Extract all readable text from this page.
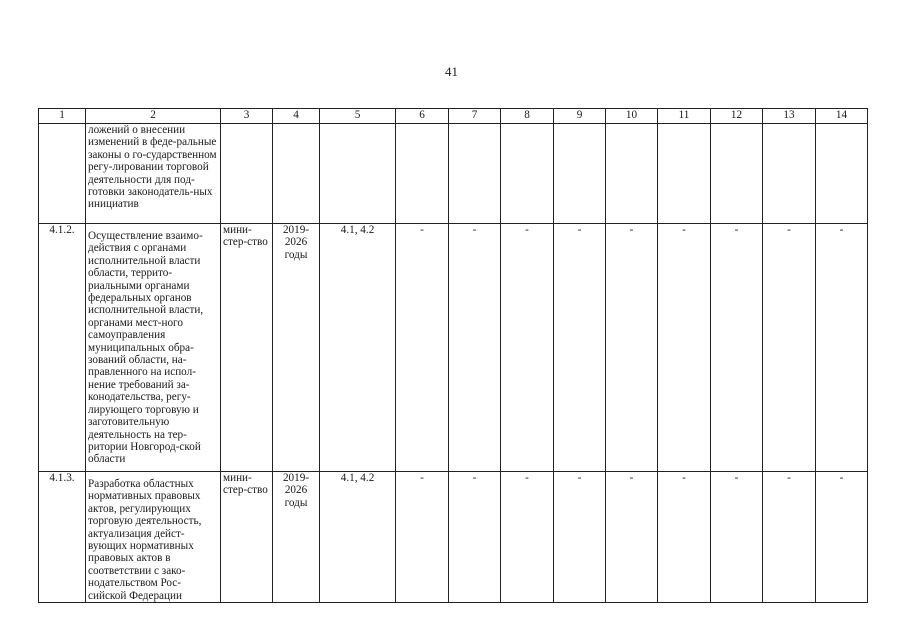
41
1	2	3	4	5	6	7	8	9	10	11	12	13	14
	ложений о внесении изменений в феде-ральные законы о го-сударственном регу-лировании торговой деятельности для под-готовки законодатель-ных инициатив												
4.1.2.	Осуществление взаимо-действия с органами исполнительной власти области, террито-риальными органами федеральных органов исполнительной власти, органами мест-ного самоуправления муниципальных обра-зований области, на-правленного на испол-нение требований за-конодательства, регу-лирующего торговую и заготовительную деятельность на тер-ритории Новгород-ской области	мини-стер-ство	2019-2026 годы	4.1, 4.2	-	-	-	-	-	-	-	-	-
4.1.3.	Разработка областных нормативных правовых актов, регулирующих торговую деятельность, актуализация дейст-вующих нормативных правовых актов в соответствии с зако-нодательством Рос-сийской Федерации	мини-стер-ство	2019-2026 годы	4.1, 4.2	-	-	-	-	-	-	-	-	-
